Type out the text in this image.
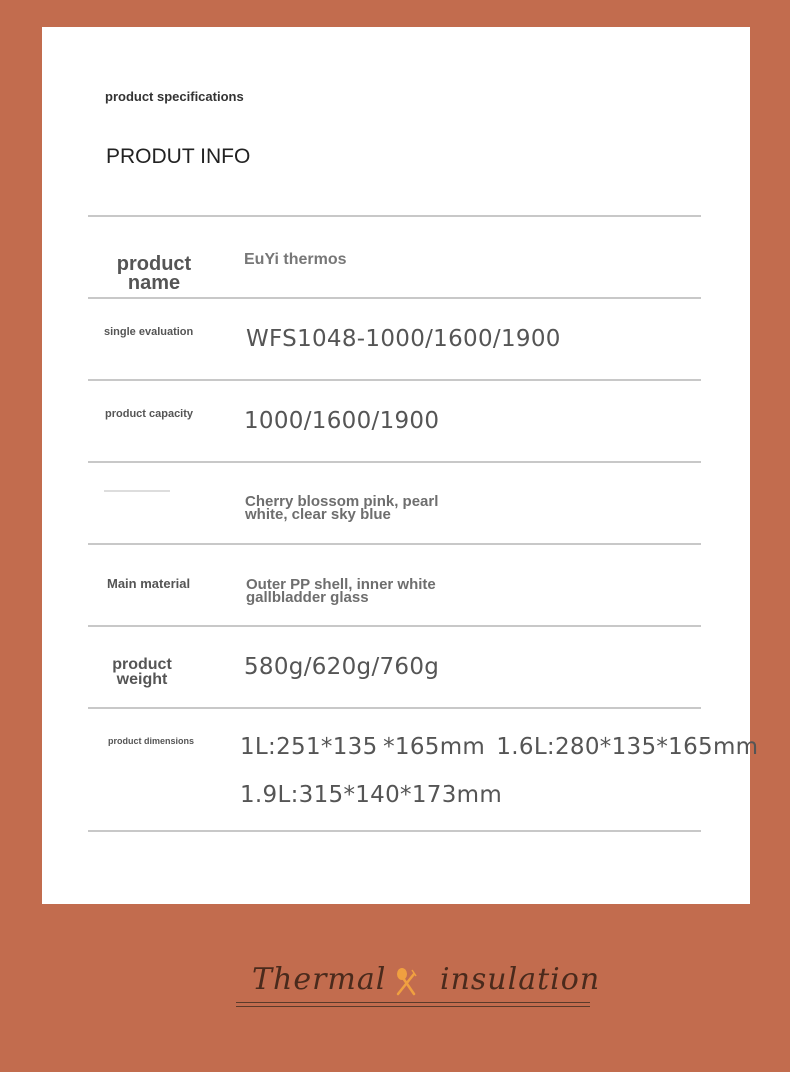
product specifications

PRODUT INFO

product name
EuYi thermos
single evaluation WFS1048-1000/1600/1900
product capacity 1000/1600/1900
Cherry blossom pink, pearl white, clear sky blue
Main material	Outer PP shell, inner white gallbladder glass
product weight	580g/620g/760g
product dimensions 1L:251*135 *165mm  1.6L:280*135*165mm
1.9L:315*140*173mm
Thermal insulation
